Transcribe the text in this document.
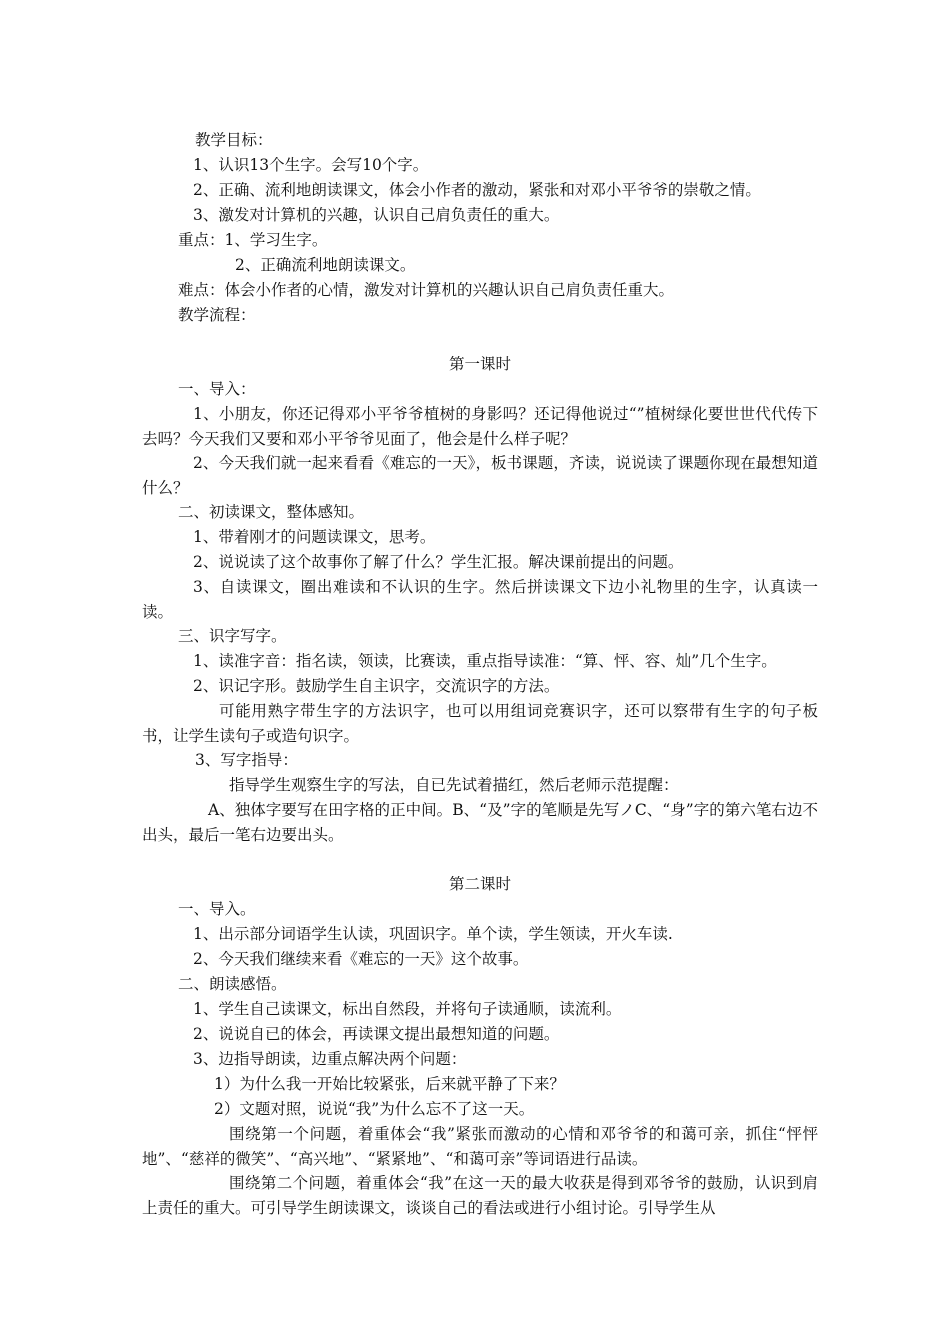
教学目标：
1、认识13个生字。会写10个字。
2、正确、流利地朗读课文，体会小作者的激动，紧张和对邓小平爷爷的崇敬之情。
3、激发对计算机的兴趣，认识自己肩负责任的重大。
重点：1、学习生字。
2、正确流利地朗读课文。
难点：体会小作者的心情，激发对计算机的兴趣认识自己肩负责任重大。
教学流程：
第一课时
一、导入：
1、小朋友，你还记得邓小平爷爷植树的身影吗？还记得他说过“”植树绿化要世世代代传下去吗？今天我们又要和邓小平爷爷见面了，他会是什么样子呢？
2、今天我们就一起来看看《难忘的一天》，板书课题，齐读，说说读了课题你现在最想知道什么？
二、初读课文，整体感知。
1、带着刚才的问题读课文，思考。
2、说说读了这个故事你了解了什么？学生汇报。解决课前提出的问题。
3、自读课文，圈出难读和不认识的生字。然后拼读课文下边小礼物里的生字，认真读一读。
三、识字写字。
1、读准字音：指名读，领读，比赛读，重点指导读准：“算、怦、容、灿”几个生字。
2、识记字形。鼓励学生自主识字，交流识字的方法。
可能用熟字带生字的方法识字，也可以用组词竞赛识字，还可以察带有生字的句子板书，让学生读句子或造句识字。
3、写字指导：
指导学生观察生字的写法，自已先试着描红，然后老师示范提醒：
A、独体字要写在田字格的正中间。B、“及”字的笔顺是先写ノC、“身”字的第六笔右边不出头，最后一笔右边要出头。
第二课时
一、导入。
1、出示部分词语学生认读，巩固识字。单个读，学生领读，开火车读.
2、今天我们继续来看《难忘的一天》这个故事。
二、朗读感悟。
1、学生自己读课文，标出自然段，并将句子读通顺，读流利。
2、说说自已的体会，再读课文提出最想知道的问题。
3、边指导朗读，边重点解决两个问题：
1）为什么我一开始比较紧张，后来就平静了下来？
2）文题对照，说说“我”为什么忘不了这一天。
围绕第一个问题，着重体会“我”紧张而激动的心情和邓爷爷的和蔼可亲，抓住“怦怦地”、“慈祥的微笑”、“高兴地”、“紧紧地”、“和蔼可亲”等词语进行品读。
围绕第二个问题，着重体会“我”在这一天的最大收获是得到邓爷爷的鼓励，认识到肩上责任的重大。可引导学生朗读课文，谈谈自己的看法或进行小组讨论。引导学生从
